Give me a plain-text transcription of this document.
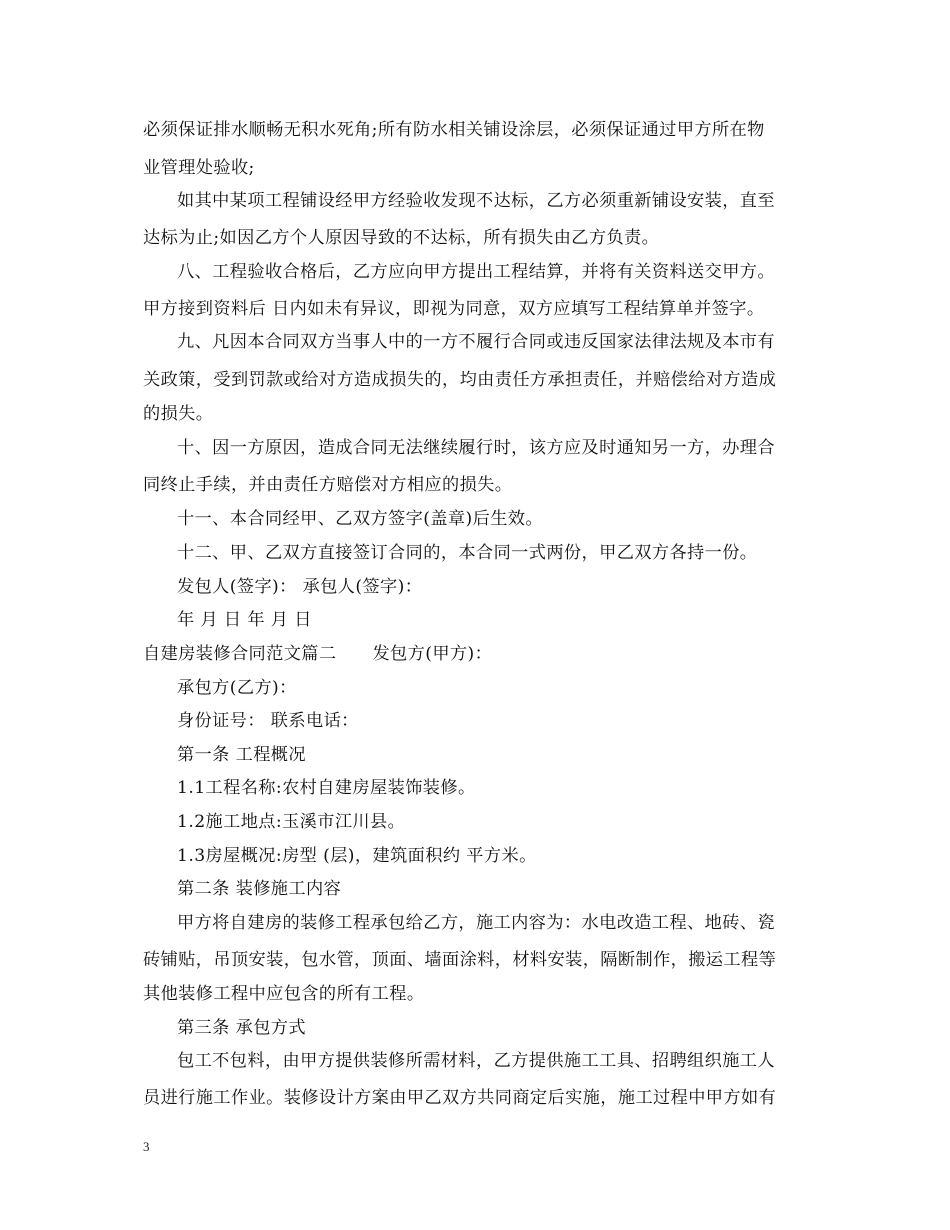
必须保证排水顺畅无积水死角;所有防水相关铺设涂层，必须保证通过甲方所在物
业管理处验收;
如其中某项工程铺设经甲方经验收发现不达标，乙方必须重新铺设安装，直至
达标为止;如因乙方个人原因导致的不达标，所有损失由乙方负责。
八、工程验收合格后，乙方应向甲方提出工程结算，并将有关资料送交甲方。
甲方接到资料后 日内如未有异议，即视为同意，双方应填写工程结算单并签字。
九、凡因本合同双方当事人中的一方不履行合同或违反国家法律法规及本市有
关政策，受到罚款或给对方造成损失的，均由责任方承担责任，并赔偿给对方造成
的损失。
十、因一方原因，造成合同无法继续履行时，该方应及时通知另一方，办理合
同终止手续，并由责任方赔偿对方相应的损失。
十一、本合同经甲、乙双方签字(盖章)后生效。
十二、甲、乙双方直接签订合同的，本合同一式两份，甲乙双方各持一份。
发包人(签字)： 承包人(签字)：
年 月 日 年 月 日
自建房装修合同范文篇二 发包方(甲方)：
承包方(乙方)：
身份证号： 联系电话：
第一条 工程概况
1.1工程名称:农村自建房屋装饰装修。
1.2施工地点:玉溪市江川县。
1.3房屋概况:房型 (层)，建筑面积约 平方米。
第二条 装修施工内容
甲方将自建房的装修工程承包给乙方，施工内容为：水电改造工程、地砖、瓷
砖铺贴，吊顶安装，包水管，顶面、墙面涂料，材料安装，隔断制作，搬运工程等
其他装修工程中应包含的所有工程。
第三条 承包方式
包工不包料，由甲方提供装修所需材料，乙方提供施工工具、招聘组织施工人
员进行施工作业。装修设计方案由甲乙双方共同商定后实施，施工过程中甲方如有
3
